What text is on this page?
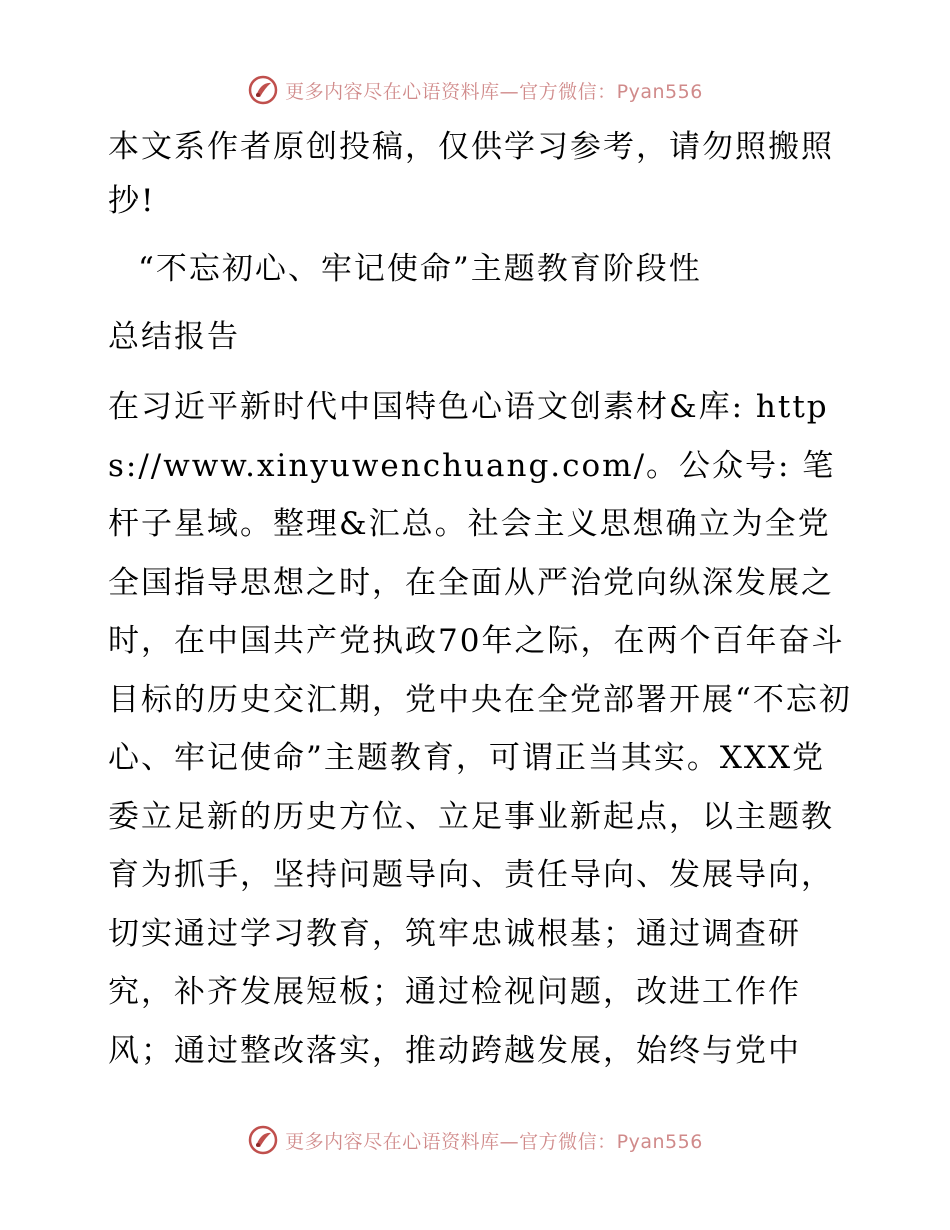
更多内容尽在心语资料库—官方微信：Pyan556

本文系作者原创投稿，仅供学习参考，请勿照搬照抄!

“不忘初心、牢记使命”主题教育阶段性

总结报告

在习近平新时代中国特色心语文创素材&库: https://www.xinyuwenchuang.com/。公众号: 笔杆子星域。整理&汇总。社会主义思想确立为全党全国指导思想之时，在全面从严治党向纵深发展之时，在中国共产党执政70年之际，在两个百年奋斗目标的历史交汇期，党中央在全党部署开展“不忘初心、牢记使命”主题教育，可谓正当其实。XXX党委立足新的历史方位、立足事业新起点，以主题教育为抓手，坚持问题导向、责任导向、发展导向，切实通过学习教育，筑牢忠诚根基；通过调查研究，补齐发展短板；通过检视问题，改进工作作风；通过整改落实，推动跨越发展，始终与党中

更多内容尽在心语资料库—官方微信：Pyan556
